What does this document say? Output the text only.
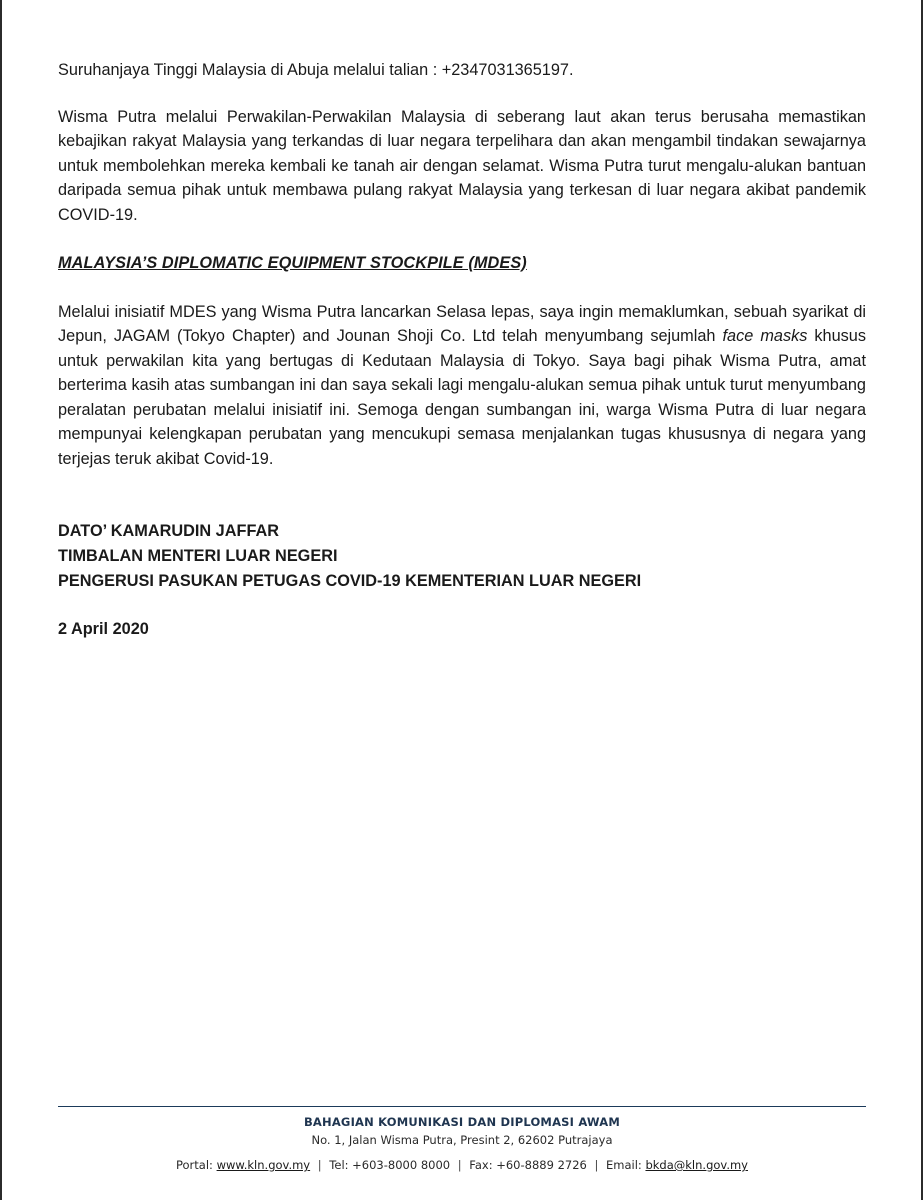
Suruhanjaya Tinggi Malaysia di Abuja melalui talian : +2347031365197.

Wisma Putra melalui Perwakilan-Perwakilan Malaysia di seberang laut akan terus berusaha memastikan kebajikan rakyat Malaysia yang terkandas di luar negara terpelihara dan akan mengambil tindakan sewajarnya untuk membolehkan mereka kembali ke tanah air dengan selamat. Wisma Putra turut mengalu-alukan bantuan daripada semua pihak untuk membawa pulang rakyat Malaysia yang terkesan di luar negara akibat pandemik COVID-19.

MALAYSIA’S DIPLOMATIC EQUIPMENT STOCKPILE (MDES)

Melalui inisiatif MDES yang Wisma Putra lancarkan Selasa lepas, saya ingin memaklumkan, sebuah syarikat di Jepun, JAGAM (Tokyo Chapter) and Jounan Shoji Co. Ltd telah menyumbang sejumlah face masks khusus untuk perwakilan kita yang bertugas di Kedutaan Malaysia di Tokyo. Saya bagi pihak Wisma Putra, amat berterima kasih atas sumbangan ini dan saya sekali lagi mengalu-alukan semua pihak untuk turut menyumbang peralatan perubatan melalui inisiatif ini. Semoga dengan sumbangan ini, warga Wisma Putra di luar negara mempunyai kelengkapan perubatan yang mencukupi semasa menjalankan tugas khususnya di negara yang terjejas teruk akibat Covid-19.

DATO’ KAMARUDIN JAFFAR

TIMBALAN MENTERI LUAR NEGERI

PENGERUSI PASUKAN PETUGAS COVID-19 KEMENTERIAN LUAR NEGERI

2 April 2020

BAHAGIAN KOMUNIKASI DAN DIPLOMASI AWAM
No. 1, Jalan Wisma Putra, Presint 2, 62602 Putrajaya
Portal: www.kln.gov.my | Tel: +603-8000 8000 | Fax: +60-8889 2726 | Email: bkda@kln.gov.my
